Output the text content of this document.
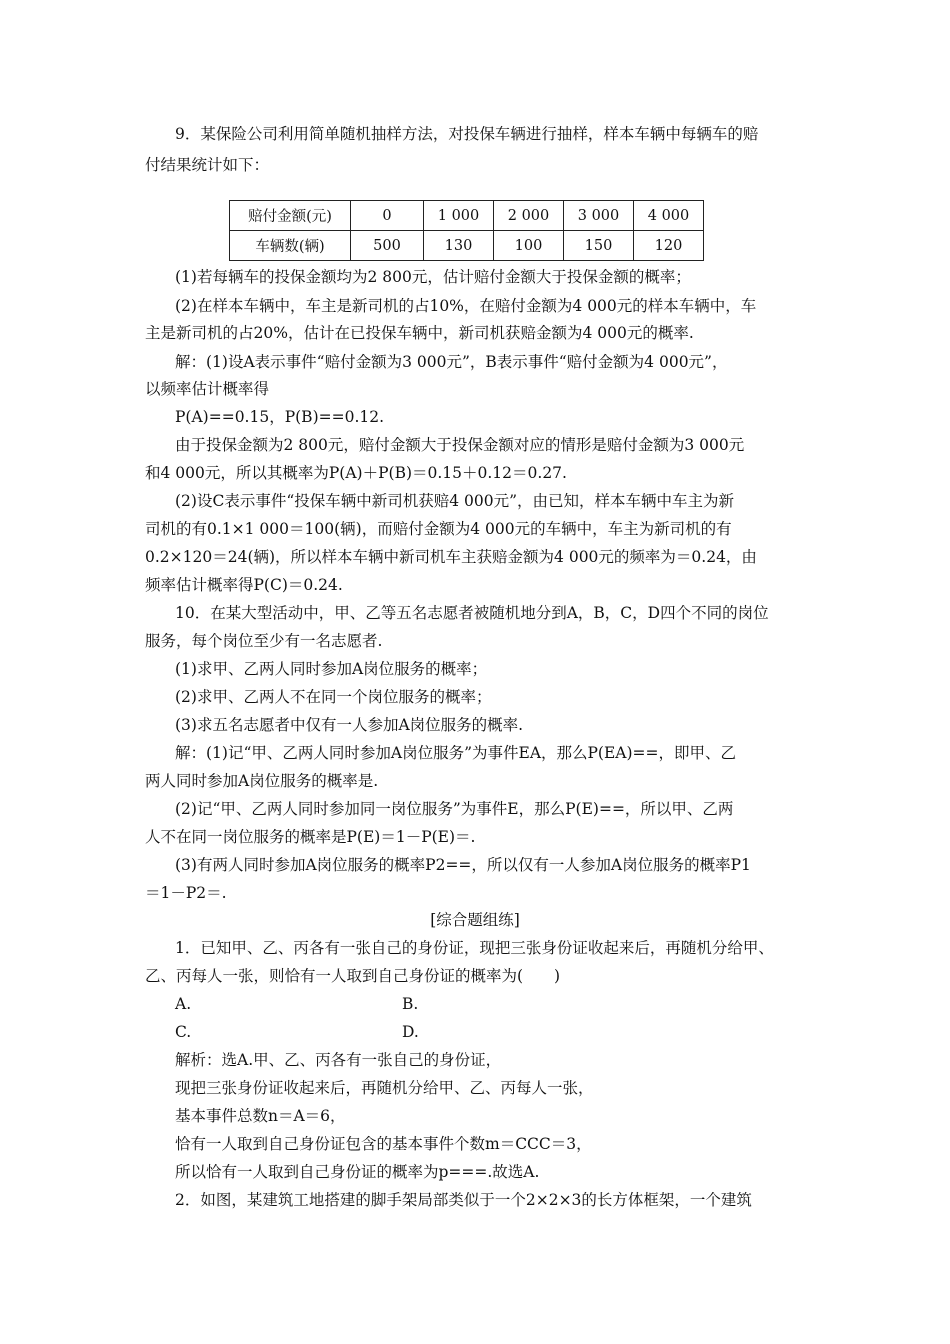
9．某保险公司利用简单随机抽样方法，对投保车辆进行抽样，样本车辆中每辆车的赔
付结果统计如下：
赔付金额(元)	0	1 000	2 000	3 000	4 000
车辆数(辆)	500	130	100	150	120
(1)若每辆车的投保金额均为2 800元，估计赔付金额大于投保金额的概率；
(2)在样本车辆中，车主是新司机的占10%，在赔付金额为4 000元的样本车辆中，车
主是新司机的占20%，估计在已投保车辆中，新司机获赔金额为4 000元的概率.
解：(1)设A表示事件“赔付金额为3 000元”，B表示事件“赔付金额为4 000元”，
以频率估计概率得
P(A)==0.15，P(B)==0.12.
由于投保金额为2 800元，赔付金额大于投保金额对应的情形是赔付金额为3 000元
和4 000元，所以其概率为P(A)＋P(B)＝0.15＋0.12＝0.27.
(2)设C表示事件“投保车辆中新司机获赔4 000元”，由已知，样本车辆中车主为新
司机的有0.1×1 000＝100(辆)，而赔付金额为4 000元的车辆中，车主为新司机的有
0.2×120＝24(辆)，所以样本车辆中新司机车主获赔金额为4 000元的频率为＝0.24，由
频率估计概率得P(C)＝0.24.
10．在某大型活动中，甲、乙等五名志愿者被随机地分到A，B，C，D四个不同的岗位
服务，每个岗位至少有一名志愿者.
(1)求甲、乙两人同时参加A岗位服务的概率；
(2)求甲、乙两人不在同一个岗位服务的概率；
(3)求五名志愿者中仅有一人参加A岗位服务的概率.
解：(1)记“甲、乙两人同时参加A岗位服务”为事件EA，那么P(EA)==，即甲、乙
两人同时参加A岗位服务的概率是.
(2)记“甲、乙两人同时参加同一岗位服务”为事件E，那么P(E)==，所以甲、乙两
人不在同一岗位服务的概率是P(E)＝1－P(E)＝.
(3)有两人同时参加A岗位服务的概率P2==，所以仅有一人参加A岗位服务的概率P1
＝1－P2＝.
[综合题组练]
1．已知甲、乙、丙各有一张自己的身份证，现把三张身份证收起来后，再随机分给甲、
乙、丙每人一张，则恰有一人取到自己身份证的概率为(　　)
A.	B.
C.	D.
解析：选A.甲、乙、丙各有一张自己的身份证，
现把三张身份证收起来后，再随机分给甲、乙、丙每人一张，
基本事件总数n＝A＝6，
恰有一人取到自己身份证包含的基本事件个数m＝CCC＝3，
所以恰有一人取到自己身份证的概率为p===.故选A.
2．如图，某建筑工地搭建的脚手架局部类似于一个2×2×3的长方体框架，一个建筑
